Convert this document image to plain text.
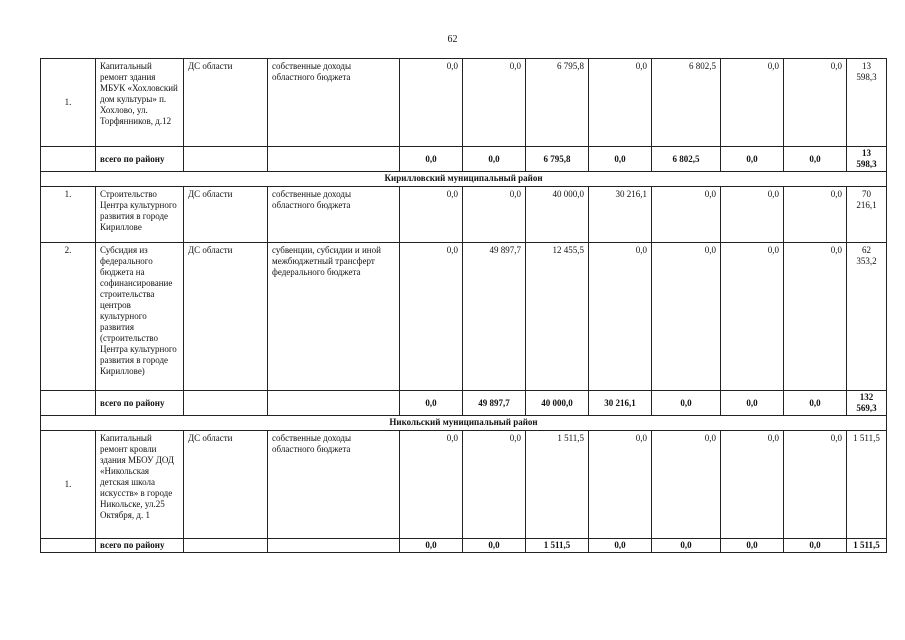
62
1.	Капитальный ремонт здания МБУК «Хохловский дом культуры» п. Хохлово, ул. Торфянников, д.12	ДС области	собственные доходы областного бюджета	0,0	0,0	6 795,8	0,0	6 802,5	0,0	0,0	13 598,3
	всего по району			0,0	0,0	6 795,8	0,0	6 802,5	0,0	0,0	13 598,3
Кирилловский муниципальный район											
1.	Строительство Центра культурного развития в городе Кириллове	ДС области	собственные доходы областного бюджета	0,0	0,0	40 000,0	30 216,1	0,0	0,0	0,0	70 216,1
2.	Субсидия из федерального бюджета на софинансирование строительства центров культурного развития (строительство Центра культурного развития в городе Кириллове)	ДС области	субвенции, субсидии и иной межбюджетный трансферт федерального бюджета	0,0	49 897,7	12 455,5	0,0	0,0	0,0	0,0	62 353,2
	всего по району			0,0	49 897,7	40 000,0	30 216,1	0,0	0,0	0,0	132 569,3
Никольский муниципальный район											
1.	Капитальный ремонт кровли здания МБОУ ДОД «Никольская детская школа искусств» в городе Никольске, ул.25 Октября, д. 1	ДС области	собственные доходы областного бюджета	0,0	0,0	1 511,5	0,0	0,0	0,0	0,0	1 511,5
	всего по району			0,0	0,0	1 511,5	0,0	0,0	0,0	0,0	1 511,5
